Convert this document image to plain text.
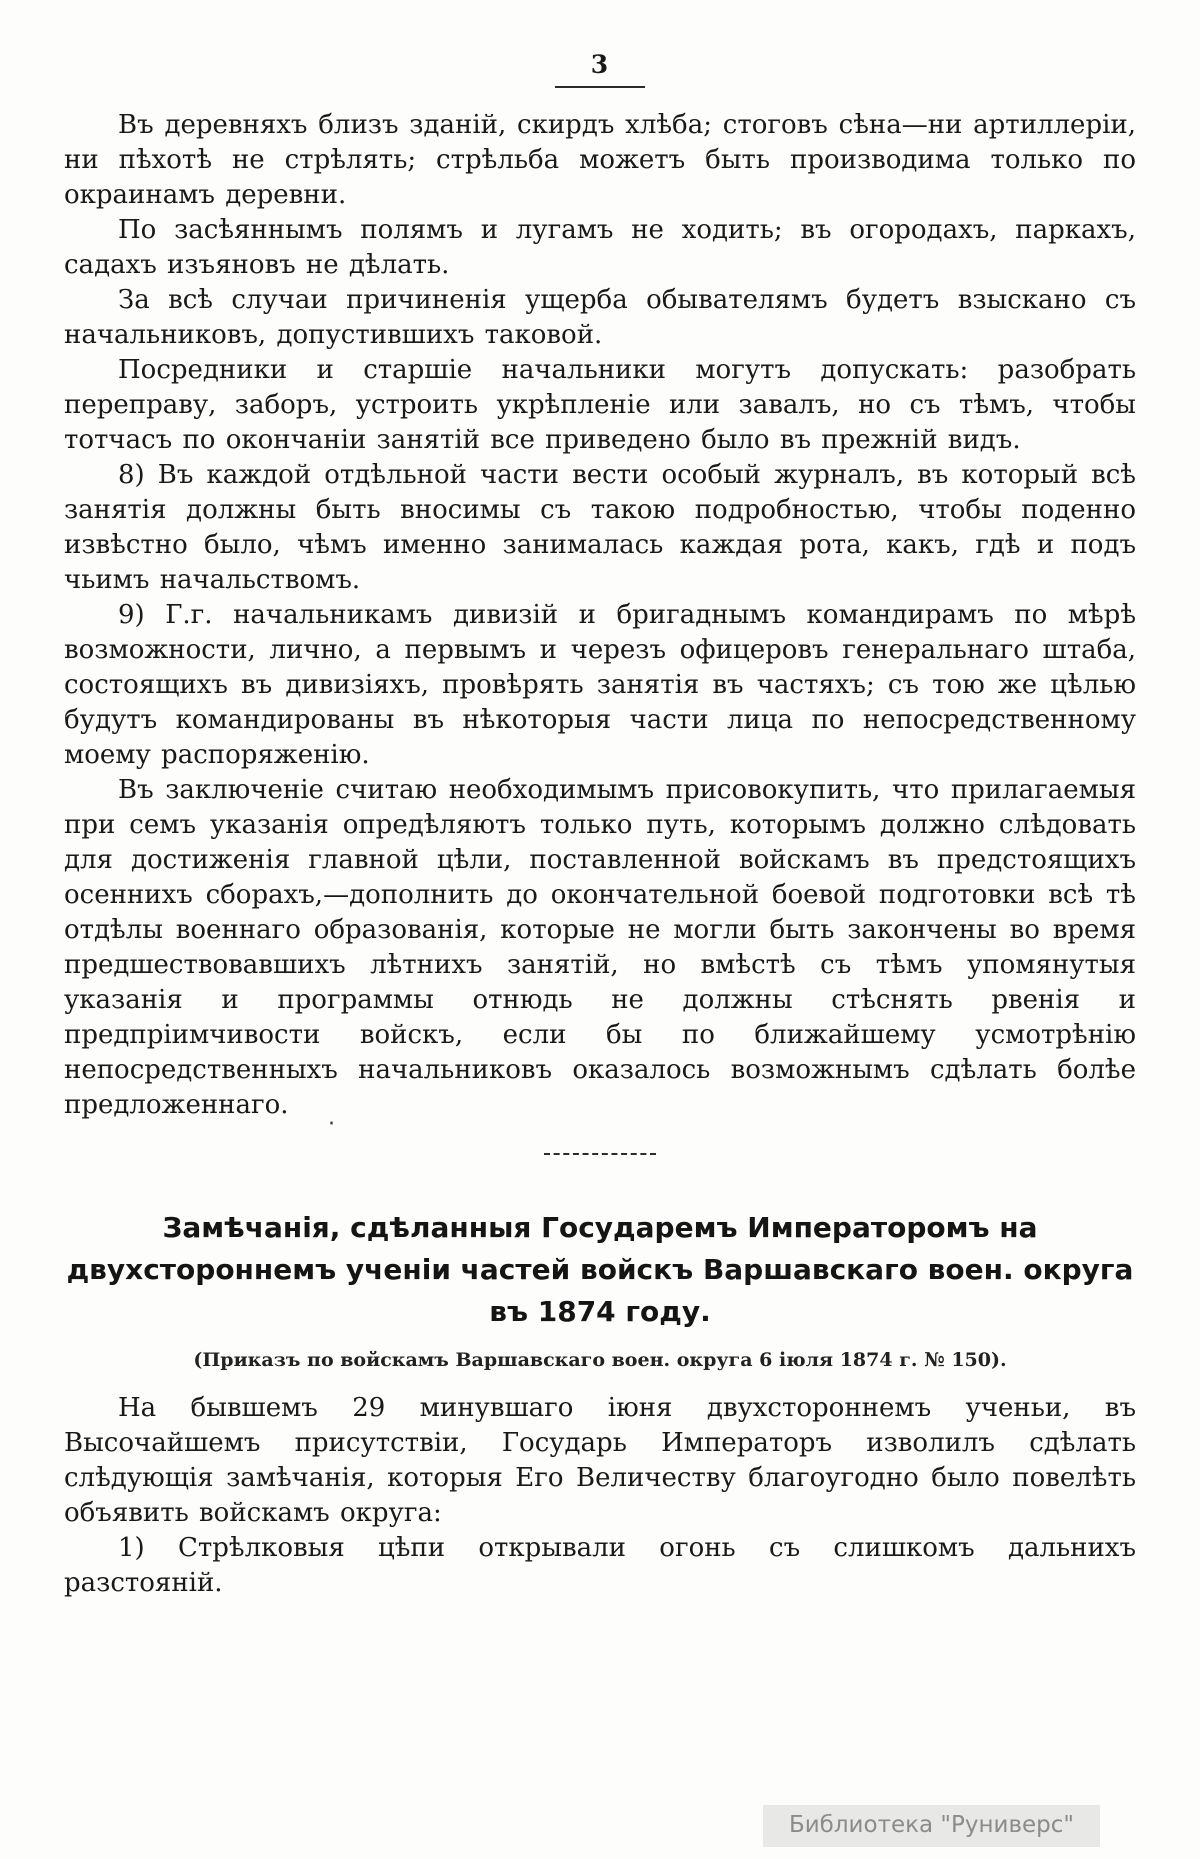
3

Въ деревняхъ близъ зданій, скирдъ хлѣба; стоговъ сѣна—ни артиллеріи, ни пѣхотѣ не стрѣлять; стрѣльба можетъ быть производима только по окраинамъ деревни.

По засѣяннымъ полямъ и лугамъ не ходить; въ огородахъ, паркахъ, садахъ изъяновъ не дѣлать.

За всѣ случаи причиненія ущерба обывателямъ будетъ взыскано съ начальниковъ, допустившихъ таковой.

Посредники и старшіе начальники могутъ допускать: разобрать переправу, заборъ, устроить укрѣпленіе или завалъ, но съ тѣмъ, чтобы тотчасъ по окончаніи занятій все приведено было въ прежній видъ.

8) Въ каждой отдѣльной части вести особый журналъ, въ который всѣ занятія должны быть вносимы съ такою подробностью, чтобы поденно извѣстно было, чѣмъ именно занималась каждая рота, какъ, гдѣ и подъ чьимъ начальствомъ.

9) Г.г. начальникамъ дивизій и бригаднымъ командирамъ по мѣрѣ возможности, лично, а первымъ и черезъ офицеровъ генеральнаго штаба, состоящихъ въ дивизіяхъ, провѣрять занятія въ частяхъ; съ тою же цѣлью будутъ командированы въ нѣкоторыя части лица по непосредственному моему распоряженію.

Въ заключеніе считаю необходимымъ присовокупить, что прилагаемыя при семъ указанія опредѣляютъ только путь, которымъ должно слѣдовать для достиженія главной цѣли, поставленной войскамъ въ предстоящихъ осеннихъ сборахъ,—дополнить до окончательной боевой подготовки всѣ тѣ отдѣлы военнаго образованія, которые не могли быть закончены во время предшествовавшихъ лѣтнихъ занятій, но вмѣстѣ съ тѣмъ упомянутыя указанія и программы отнюдь не должны стѣснять рвенія и предпріимчивости войскъ, если бы по ближайшему усмотрѣнію непосредственныхъ начальниковъ оказалось возможнымъ сдѣлать болѣе предложеннаго.

‧
Замѣчанія, сдѣланныя Государемъ Императоромъ на двухстороннемъ ученіи частей войскъ Варшавскаго воен. округа въ 1874 году.
(Приказъ по войскамъ Варшавскаго воен. округа 6 іюля 1874 г. № 150).

На бывшемъ 29 минувшаго іюня двухстороннемъ ученьи, въ Высочайшемъ присутствіи, Государь Императоръ изволилъ сдѣлать слѣдующія замѣчанія, которыя Его Величеству благоугодно было повелѣть объявить войскамъ округа:

1) Стрѣлковыя цѣпи открывали огонь съ слишкомъ дальнихъ разстояній.

Библиотека "Руниверс"
